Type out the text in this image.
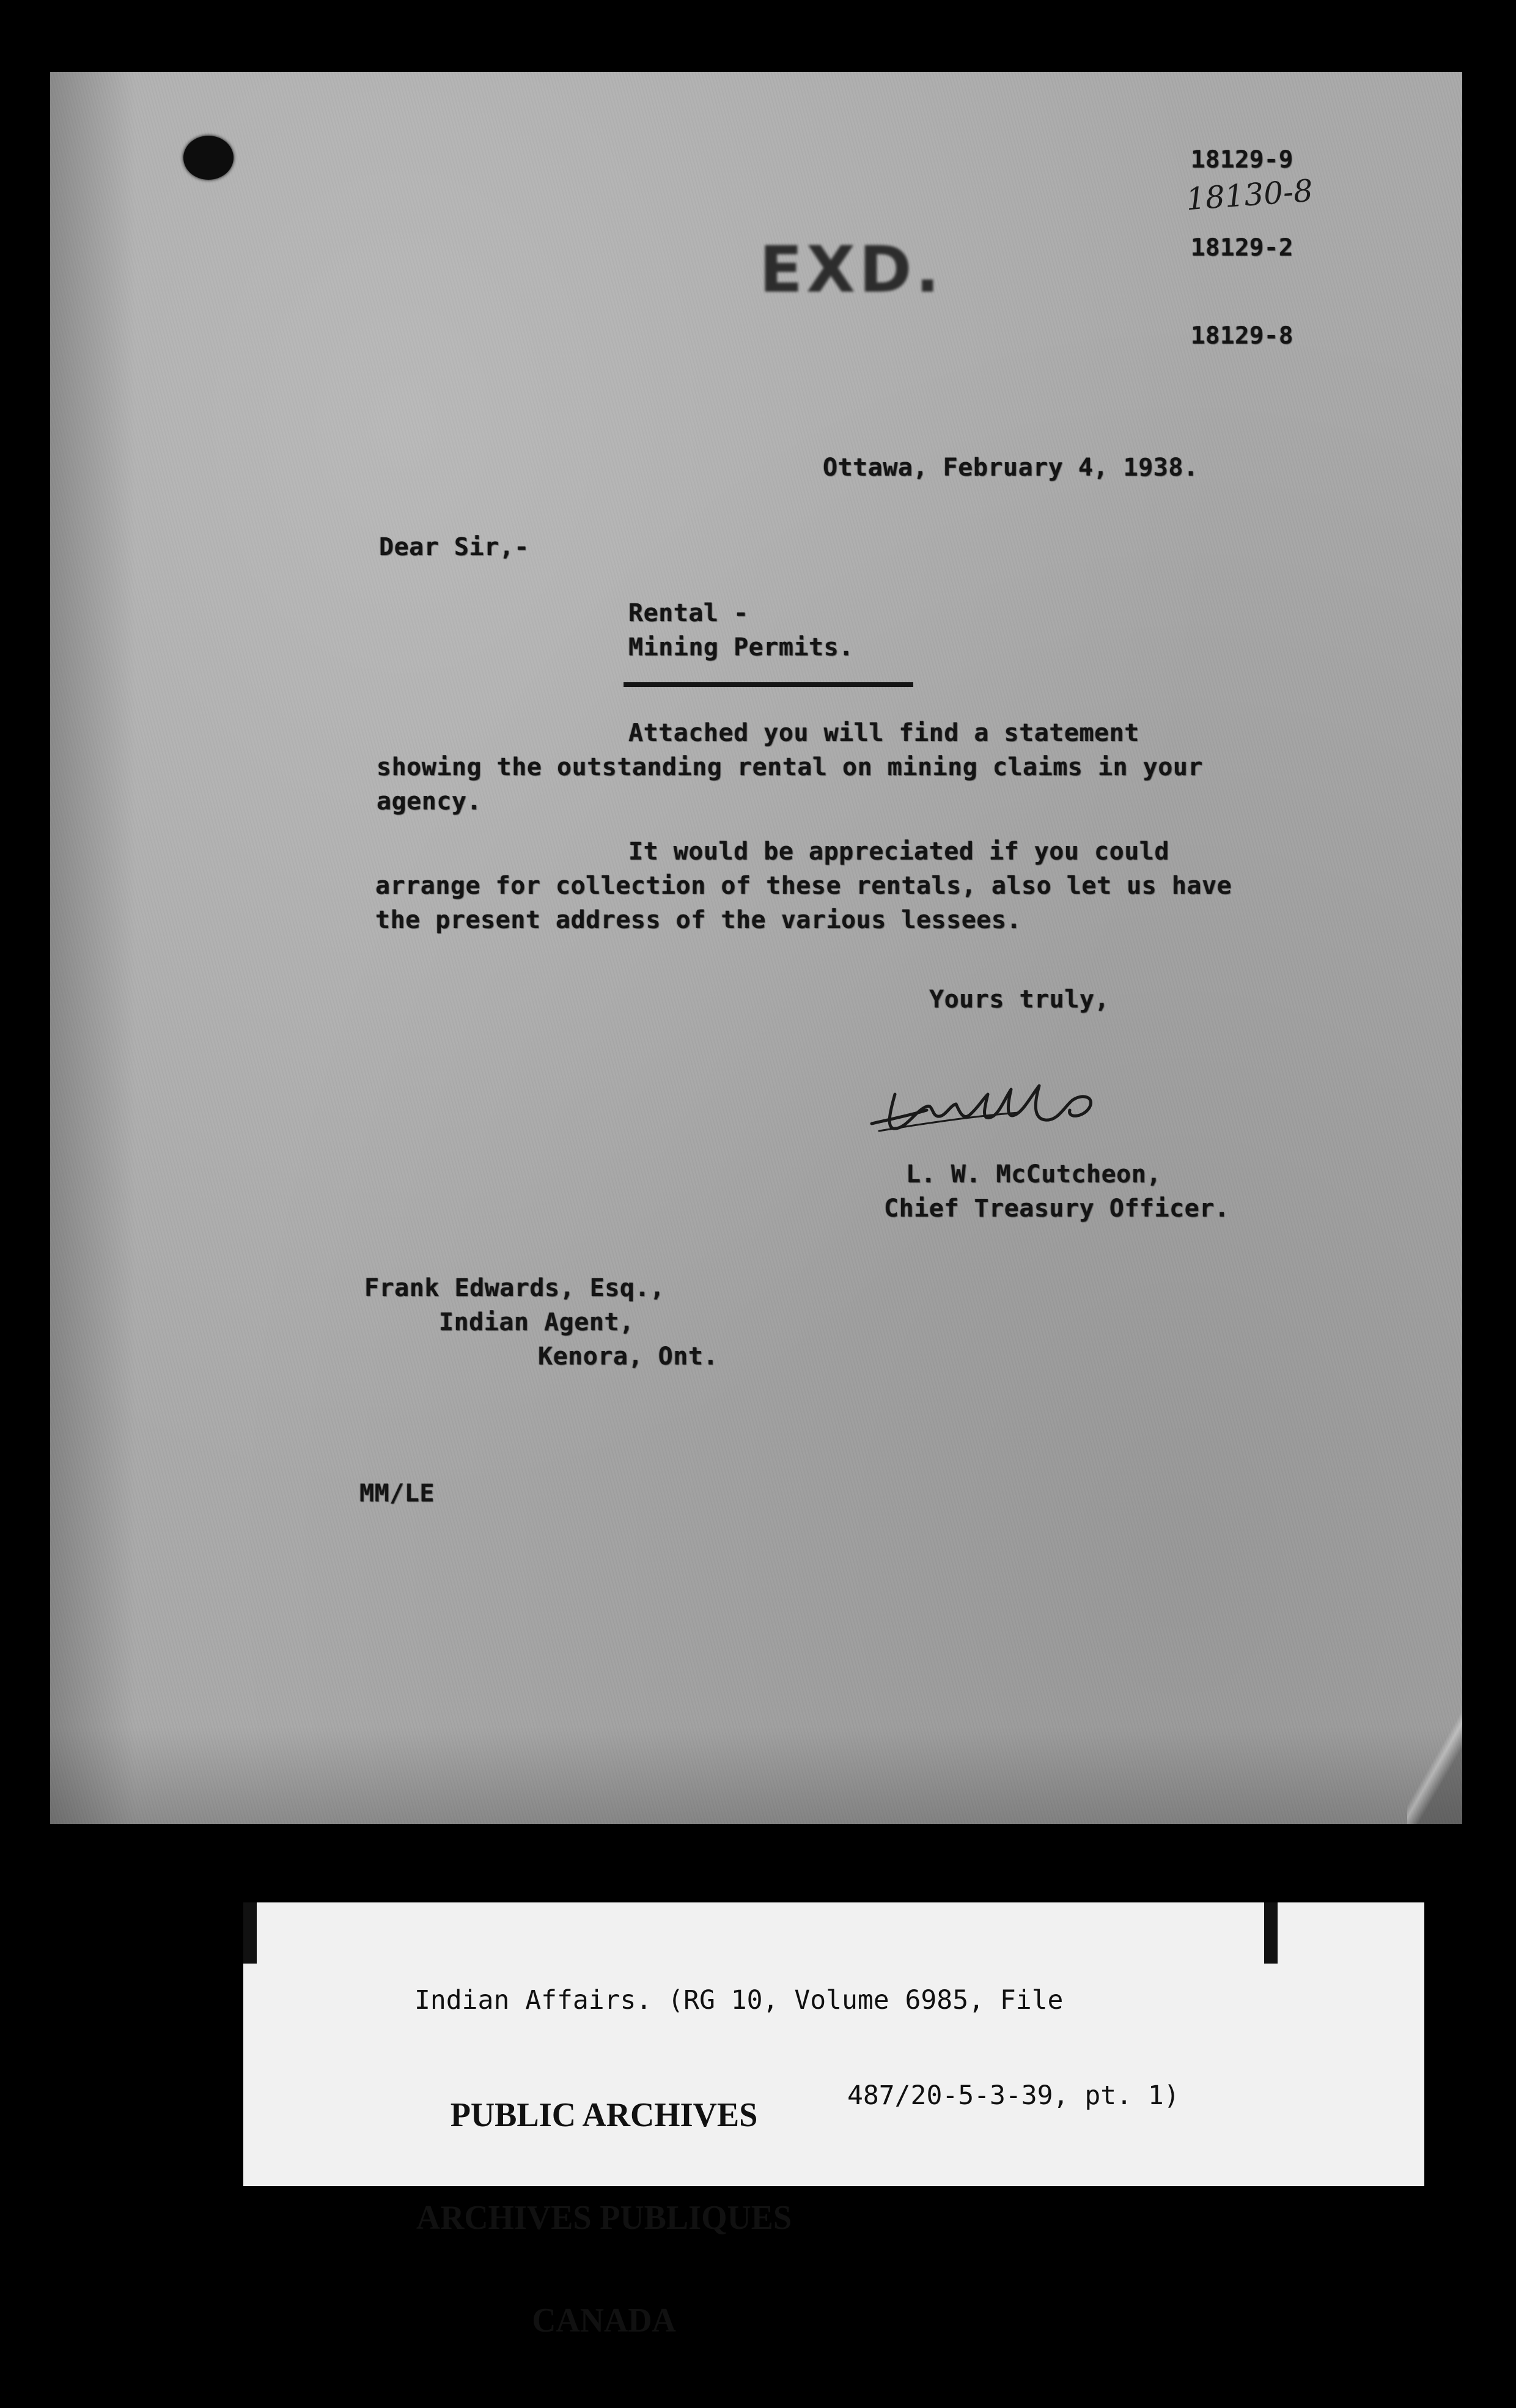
18129-9

18129-2

18129-8

18130-8
EXD.
Ottawa, February 4, 1938.
Dear Sir,-
Rental -
Mining Permits.
Attached you will find a statement
showing the outstanding rental on mining claims in your
agency.
It would be appreciated if you could
arrange for collection of these rentals, also let us have
the present address of the various lessees.
Yours truly,
L. W. McCutcheon,
Chief Treasury Officer.
Frank Edwards, Esq.,
Indian Agent,
Kenora, Ont.
MM/LE

Indian Affairs. (RG 10, Volume 6985, File

487/20-5-3-39, pt. 1)

PUBLIC ARCHIVES

ARCHIVES PUBLIQUES

CANADA
